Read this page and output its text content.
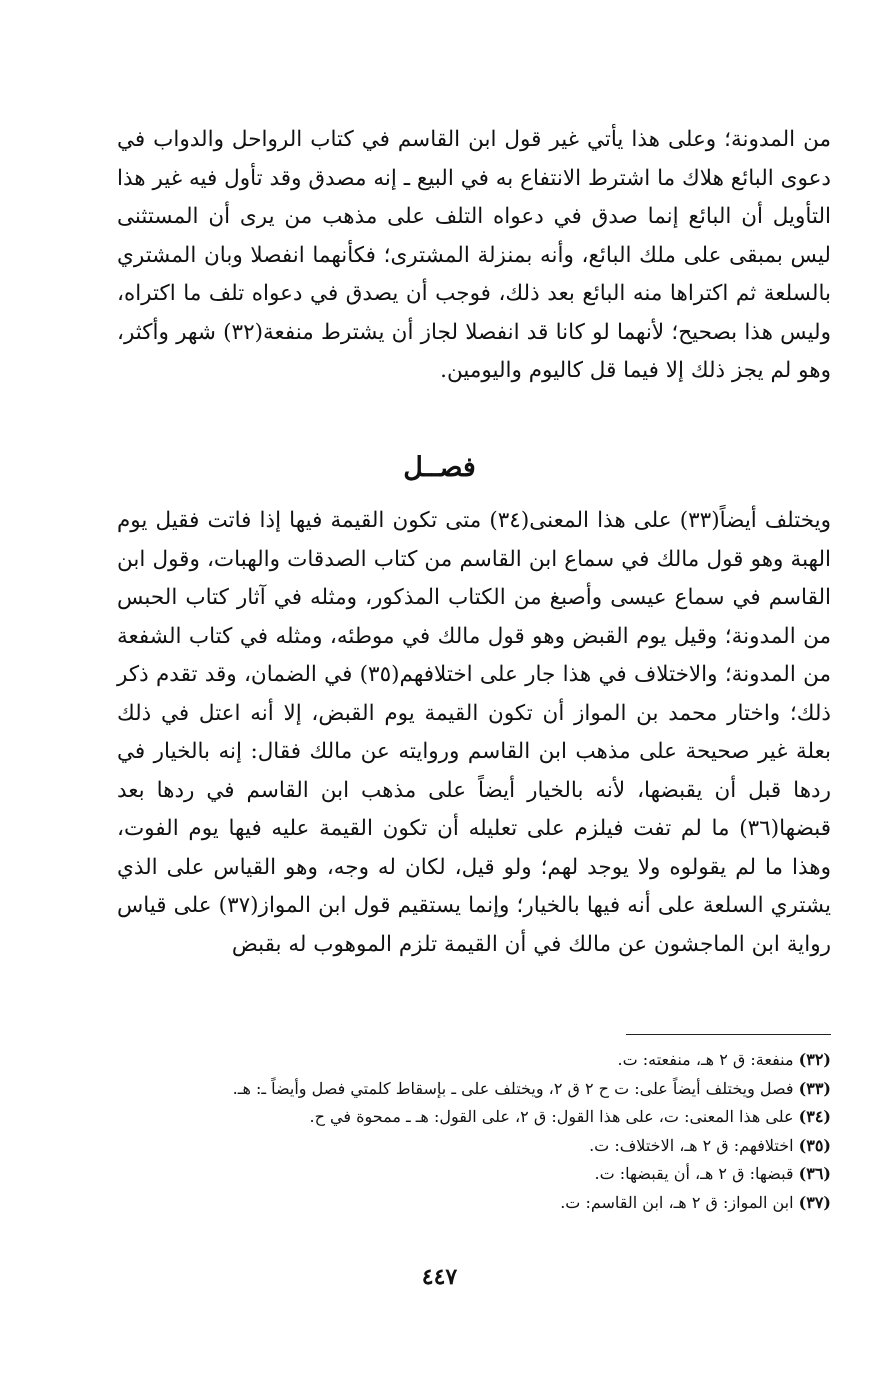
من المدونة؛ وعلى هذا يأتي غير قول ابن القاسم في كتاب الرواحل والدواب في دعوى البائع هلاك ما اشترط الانتفاع به في البيع ـ إنه مصدق وقد تأول فيه غير هذا التأويل أن البائع إنما صدق في دعواه التلف على مذهب من يرى أن المستثنى ليس بمبقى على ملك البائع، وأنه بمنزلة المشترى؛ فكأنهما انفصلا وبان المشتري بالسلعة ثم اكتراها منه البائع بعد ذلك، فوجب أن يصدق في دعواه تلف ما اكتراه، وليس هذا بصحيح؛ لأنهما لو كانا قد انفصلا لجاز أن يشترط منفعة(٣٢) شهر وأكثر، وهو لم يجز ذلك إلا فيما قل كاليوم واليومين.

فصــل

ويختلف أيضاً(٣٣) على هذا المعنى(٣٤) متى تكون القيمة فيها إذا فاتت فقيل يوم الهبة وهو قول مالك في سماع ابن القاسم من كتاب الصدقات والهبات، وقول ابن القاسم في سماع عيسى وأصبغ من الكتاب المذكور، ومثله في آثار كتاب الحبس من المدونة؛ وقيل يوم القبض وهو قول مالك في موطئه، ومثله في كتاب الشفعة من المدونة؛ والاختلاف في هذا جار على اختلافهم(٣٥) في الضمان، وقد تقدم ذكر ذلك؛ واختار محمد بن المواز أن تكون القيمة يوم القبض، إلا أنه اعتل في ذلك بعلة غير صحيحة على مذهب ابن القاسم وروايته عن مالك فقال: إنه بالخيار في ردها قبل أن يقبضها، لأنه بالخيار أيضاً على مذهب ابن القاسم في ردها بعد قبضها(٣٦) ما لم تفت فيلزم على تعليله أن تكون القيمة عليه فيها يوم الفوت، وهذا ما لم يقولوه ولا يوجد لهم؛ ولو قيل، لكان له وجه، وهو القياس على الذي يشتري السلعة على أنه فيها بالخيار؛ وإنما يستقيم قول ابن المواز(٣٧) على قياس رواية ابن الماجشون عن مالك في أن القيمة تلزم الموهوب له بقبض

(٣٢) منفعة: ق ٢ هـ، منفعته: ت.
(٣٣) فصل ويختلف أيضاً على: ت ح ٢ ق ٢، ويختلف على ـ بإسقاط كلمتي فصل وأيضاً ـ: هـ.
(٣٤) على هذا المعنى: ت، على هذا القول: ق ٢، على القول: هـ ـ ممحوة في ح.
(٣٥) اختلافهم: ق ٢ هـ، الاختلاف: ت.
(٣٦) قبضها: ق ٢ هـ، أن يقبضها: ت.
(٣٧) ابن المواز: ق ٢ هـ، ابن القاسم: ت.
٤٤٧
